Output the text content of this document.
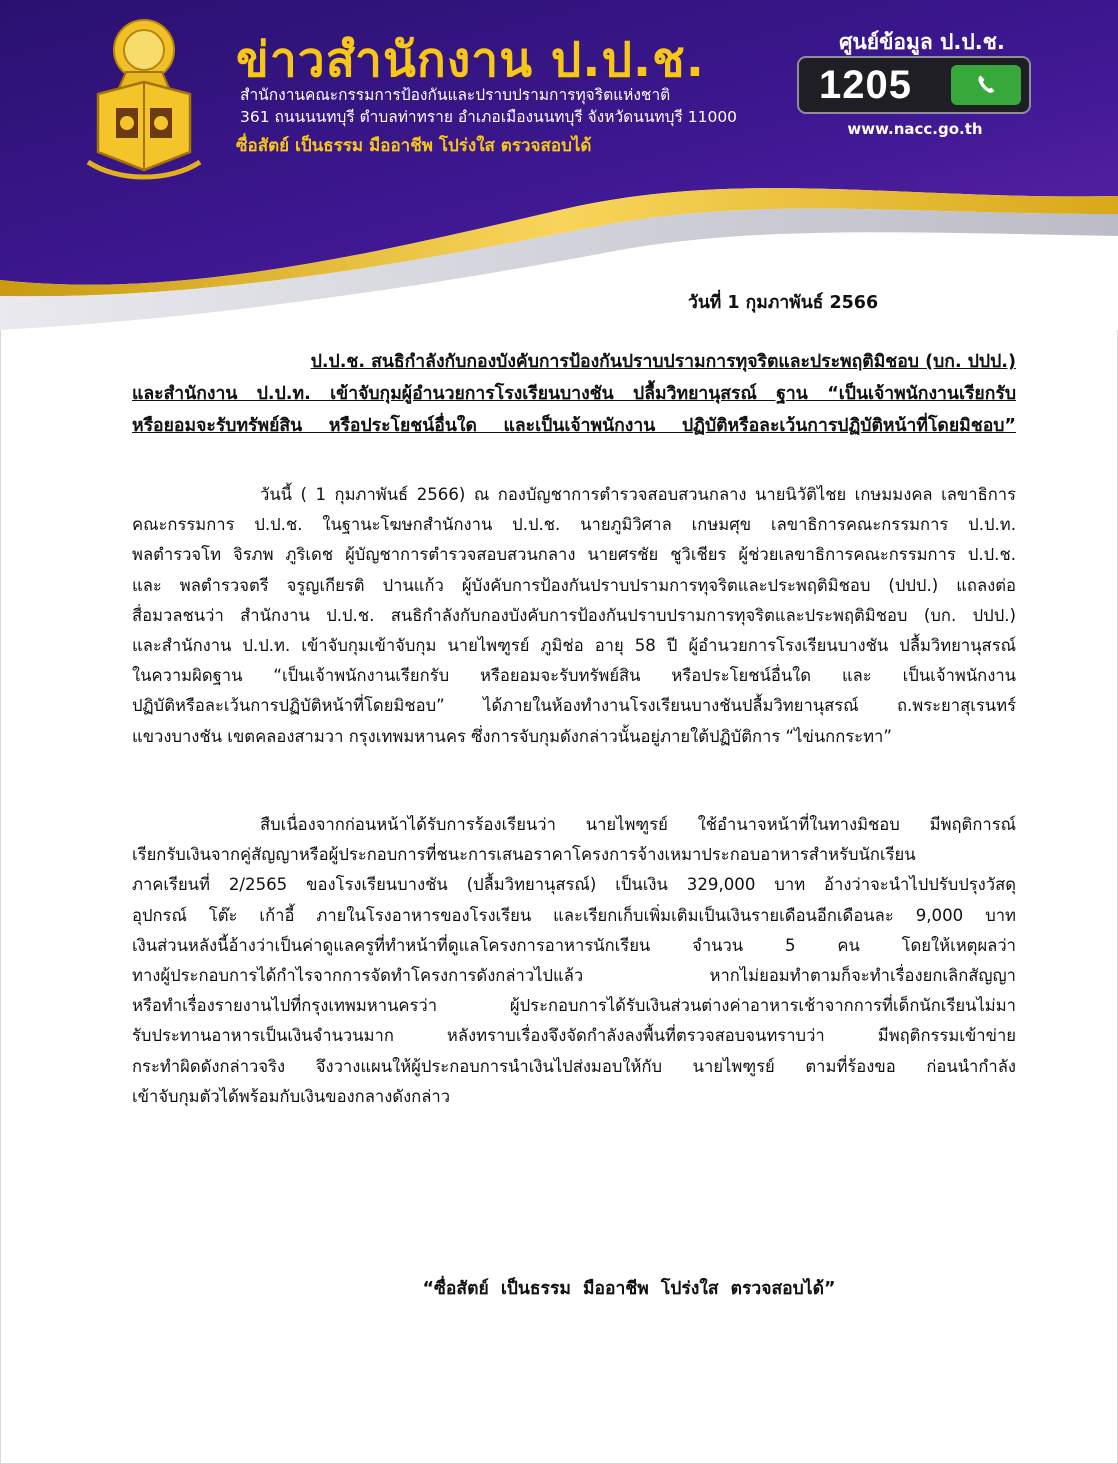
ข่าวสำนักงาน ป.ป.ช.
สำนักงานคณะกรรมการป้องกันและปราบปรามการทุจริตแห่งชาติ
361 ถนนนนทบุรี ตำบลท่าทราย อำเภอเมืองนนทบุรี จังหวัดนนทบุรี 11000
ซื่อสัตย์ เป็นธรรม มืออาชีพ โปร่งใส ตรวจสอบได้
ศูนย์ข้อมูล ป.ป.ช.
1205
www.nacc.go.th
วันที่ 1 กุมภาพันธ์ 2566
ป.ป.ช. สนธิกำลังกับกองบังคับการป้องกันปราบปรามการทุจริตและประพฤติมิชอบ (บก. ปปป.)
และสำนักงาน ป.ป.ท. เข้าจับกุมผู้อำนวยการโรงเรียนบางชัน ปลื้มวิทยานุสรณ์ ฐาน “เป็นเจ้าพนักงานเรียกรับ
หรือยอมจะรับทรัพย์สิน หรือประโยชน์อื่นใด และเป็นเจ้าพนักงาน ปฏิบัติหรือละเว้นการปฏิบัติหน้าที่โดยมิชอบ”
วันนี้ ( 1 กุมภาพันธ์ 2566) ณ กองบัญชาการตำรวจสอบสวนกลาง นายนิวัติไชย เกษมมงคล เลขาธิการ
คณะกรรมการ ป.ป.ช. ในฐานะโฆษกสำนักงาน ป.ป.ช. นายภูมิวิศาล เกษมศุข เลขาธิการคณะกรรมการ ป.ป.ท.
พลตำรวจโท จิรภพ ภูริเดช ผู้บัญชาการตำรวจสอบสวนกลาง นายศรชัย ชูวิเชียร ผู้ช่วยเลขาธิการคณะกรรมการ ป.ป.ช.
และ พลตำรวจตรี จรูญเกียรติ ปานแก้ว ผู้บังคับการป้องกันปราบปรามการทุจริตและประพฤติมิชอบ (ปปป.) แถลงต่อ
สื่อมวลชนว่า สำนักงาน ป.ป.ช. สนธิกำลังกับกองบังคับการป้องกันปราบปรามการทุจริตและประพฤติมิชอบ (บก. ปปป.)
และสำนักงาน ป.ป.ท. เข้าจับกุมเข้าจับกุม นายไพฑูรย์ ภูมิช่อ อายุ 58 ปี ผู้อำนวยการโรงเรียนบางชัน ปลื้มวิทยานุสรณ์
ในความผิดฐาน “เป็นเจ้าพนักงานเรียกรับ หรือยอมจะรับทรัพย์สิน หรือประโยชน์อื่นใด และ เป็นเจ้าพนักงาน
ปฏิบัติหรือละเว้นการปฏิบัติหน้าที่โดยมิชอบ” ได้ภายในห้องทำงานโรงเรียนบางชันปลื้มวิทยานุสรณ์ ถ.พระยาสุเรนทร์
แขวงบางชัน เขตคลองสามวา กรุงเทพมหานคร ซึ่งการจับกุมดังกล่าวนั้นอยู่ภายใต้ปฏิบัติการ “ไข่นกกระทา”
สืบเนื่องจากก่อนหน้าได้รับการร้องเรียนว่า นายไพฑูรย์ ใช้อำนาจหน้าที่ในทางมิชอบ มีพฤติการณ์
เรียกรับเงินจากคู่สัญญาหรือผู้ประกอบการที่ชนะการเสนอราคาโครงการจ้างเหมาประกอบอาหารสำหรับนักเรียน
ภาคเรียนที่ 2/2565 ของโรงเรียนบางชัน (ปลื้มวิทยานุสรณ์) เป็นเงิน 329,000 บาท อ้างว่าจะนำไปปรับปรุงวัสดุ
อุปกรณ์ โต๊ะ เก้าอี้ ภายในโรงอาหารของโรงเรียน และเรียกเก็บเพิ่มเติมเป็นเงินรายเดือนอีกเดือนละ 9,000 บาท
เงินส่วนหลังนี้อ้างว่าเป็นค่าดูแลครูที่ทำหน้าที่ดูแลโครงการอาหารนักเรียน จำนวน 5 คน โดยให้เหตุผลว่า
ทางผู้ประกอบการได้กำไรจากการจัดทำโครงการดังกล่าวไปแล้ว หากไม่ยอมทำตามก็จะทำเรื่องยกเลิกสัญญา
หรือทำเรื่องรายงานไปที่กรุงเทพมหานครว่า ผู้ประกอบการได้รับเงินส่วนต่างค่าอาหารเช้าจากการที่เด็กนักเรียนไม่มา
รับประทานอาหารเป็นเงินจำนวนมาก หลังทราบเรื่องจึงจัดกำลังลงพื้นที่ตรวจสอบจนทราบว่า มีพฤติกรรมเข้าข่าย
กระทำผิดดังกล่าวจริง จึงวางแผนให้ผู้ประกอบการนำเงินไปส่งมอบให้กับ นายไพฑูรย์ ตามที่ร้องขอ ก่อนนำกำลัง
เข้าจับกุมตัวได้พร้อมกับเงินของกลางดังกล่าว
“ซื่อสัตย์ เป็นธรรม มืออาชีพ โปร่งใส ตรวจสอบได้”
